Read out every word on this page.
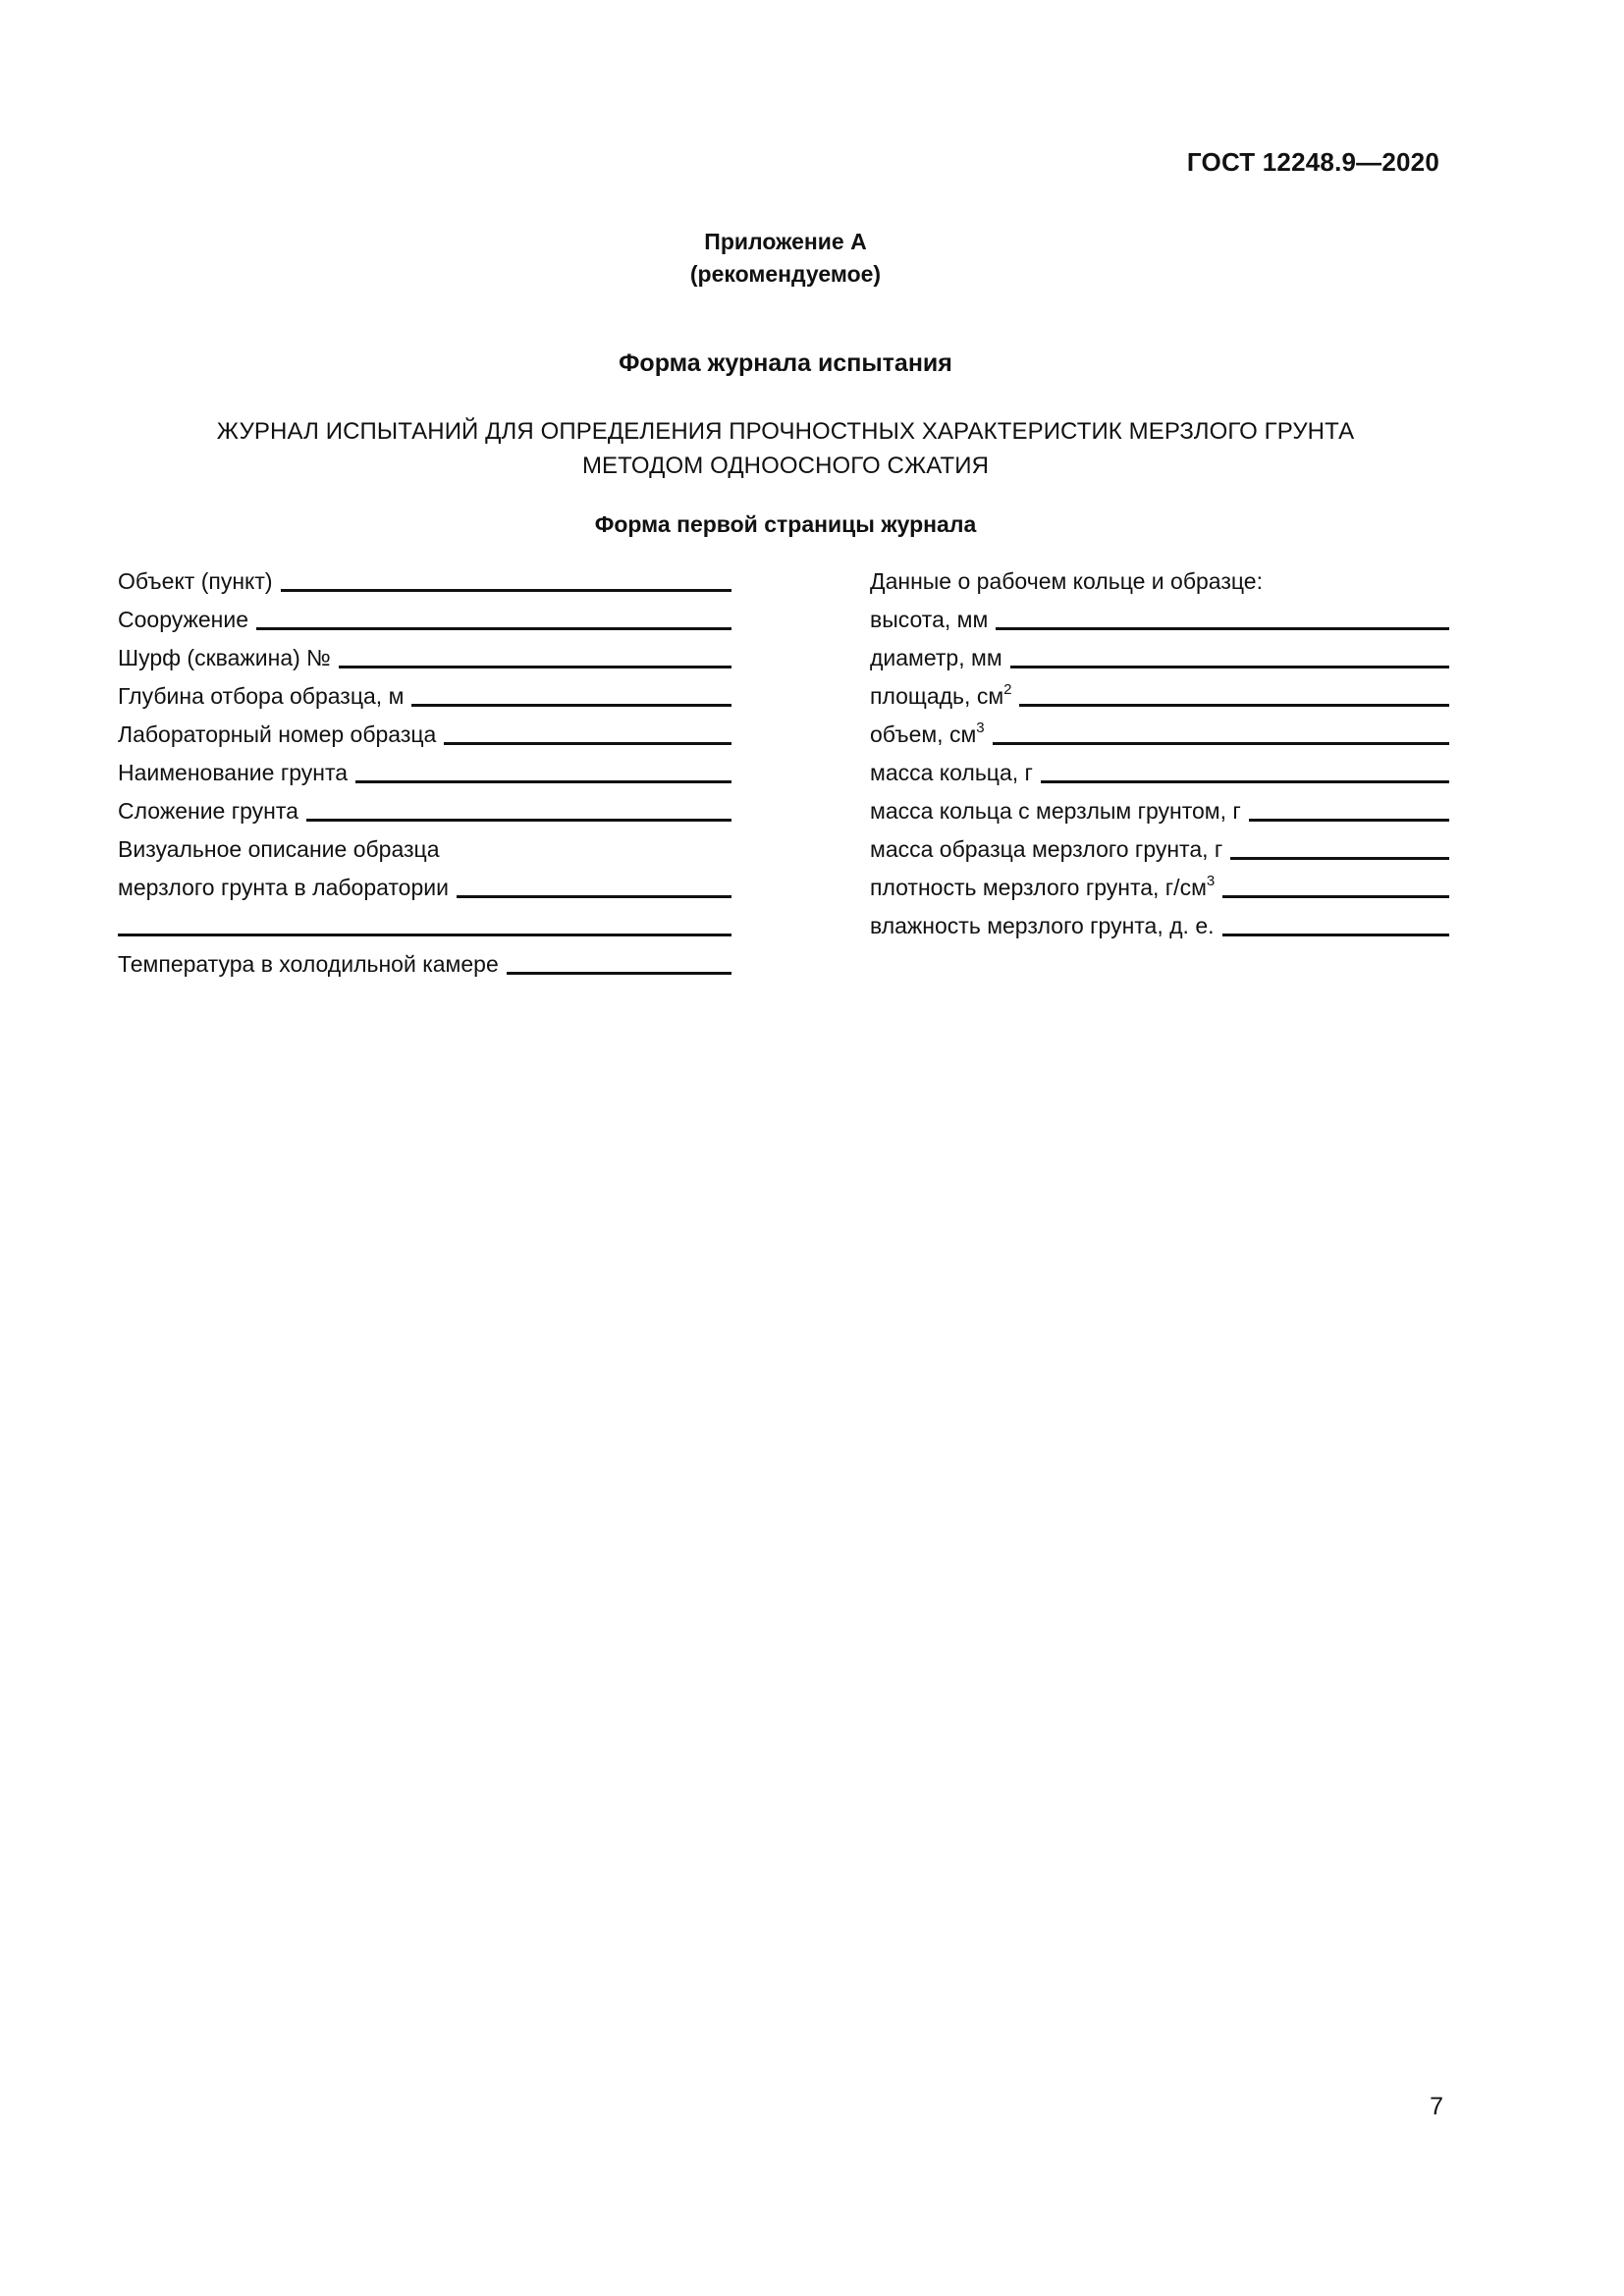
ГОСТ 12248.9—2020
Приложение А
(рекомендуемое)
Форма журнала испытания
ЖУРНАЛ ИСПЫТАНИЙ ДЛЯ ОПРЕДЕЛЕНИЯ ПРОЧНОСТНЫХ ХАРАКТЕРИСТИК МЕРЗЛОГО ГРУНТА
МЕТОДОМ ОДНООСНОГО СЖАТИЯ
Форма первой страницы журнала
Объект (пункт)
Сооружение
Шурф (скважина) №
Глубина отбора образца, м
Лабораторный номер образца
Наименование грунта
Сложение грунта
Визуальное описание образца
мерзлого грунта в лаборатории
Температура в холодильной камере
Данные о рабочем кольце и образце:
высота, мм
диаметр, мм
площадь, $см^2$
объем, $см^3$
масса кольца, г
масса кольца с мерзлым грунтом, г
масса образца мерзлого грунта, г
плотность мерзлого грунта, $г/см^3$
влажность мерзлого грунта, д. е.
7
